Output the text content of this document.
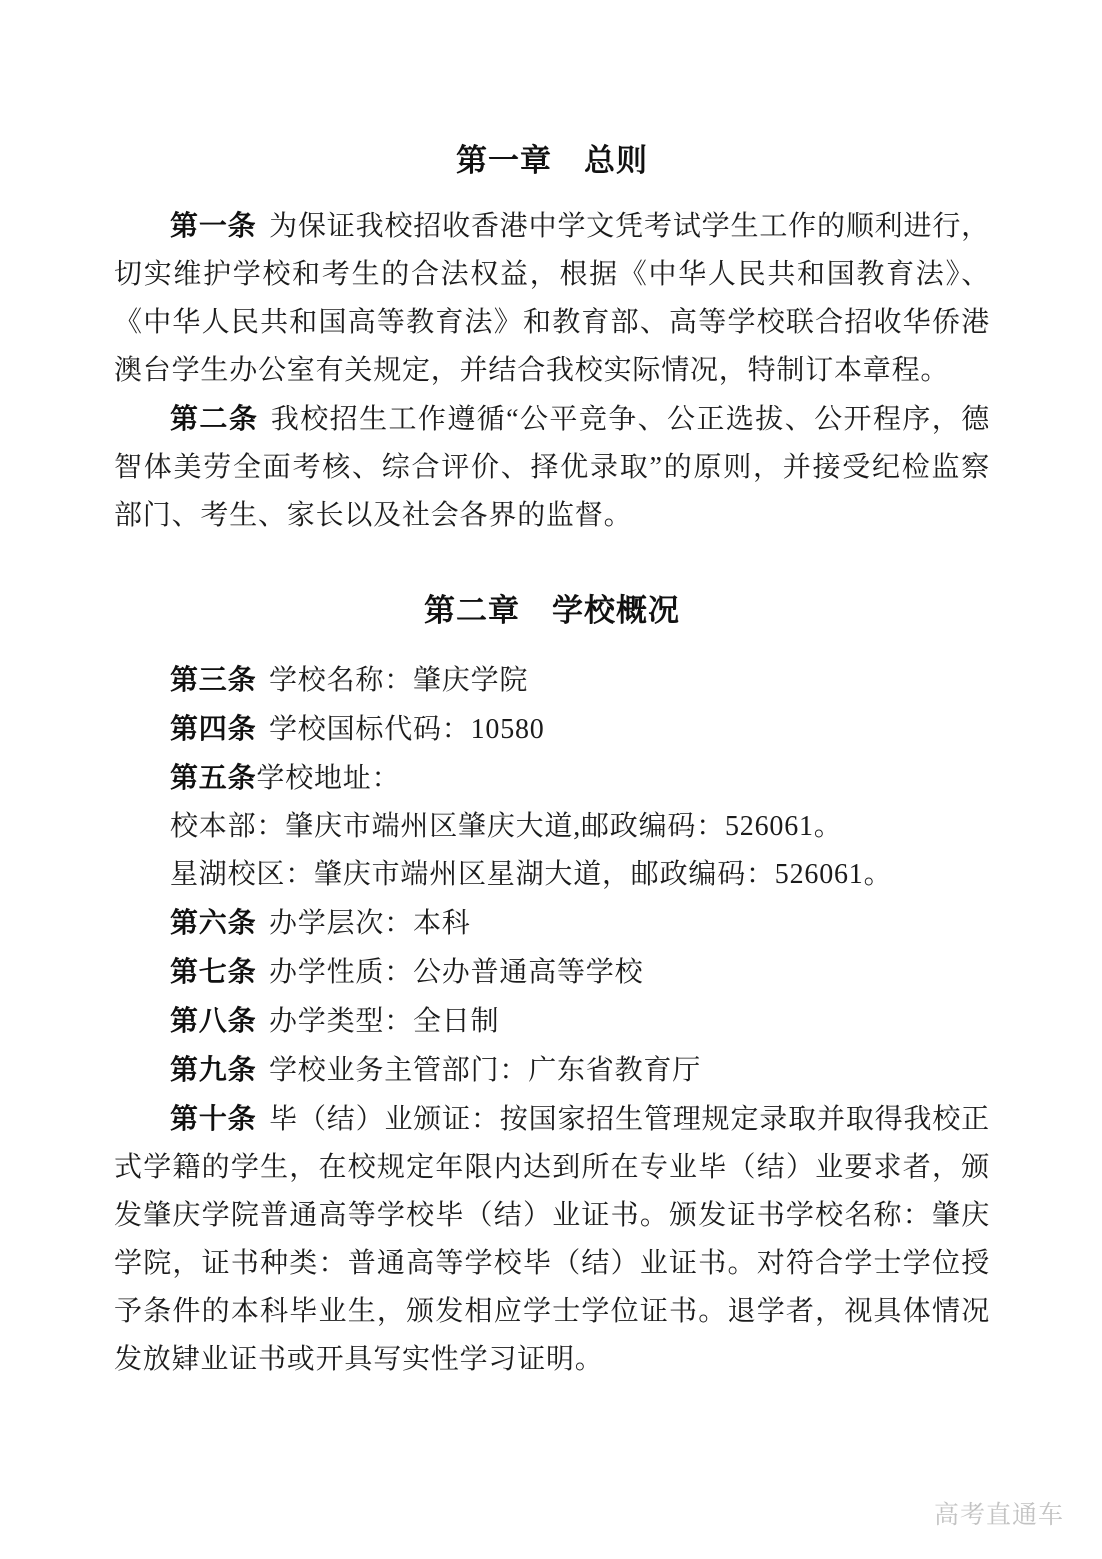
第一章　总则

第一条 为保证我校招收香港中学文凭考试学生工作的顺利进行，切实维护学校和考生的合法权益，根据《中华人民共和国教育法》、《中华人民共和国高等教育法》和教育部、高等学校联合招收华侨港澳台学生办公室有关规定，并结合我校实际情况，特制订本章程。

第二条 我校招生工作遵循“公平竞争、公正选拔、公开程序，德智体美劳全面考核、综合评价、择优录取”的原则，并接受纪检监察部门、考生、家长以及社会各界的监督。

第二章　学校概况

第三条 学校名称：肇庆学院

第四条 学校国标代码：10580

第五条学校地址：

校本部：肇庆市端州区肇庆大道,邮政编码：526061。

星湖校区：肇庆市端州区星湖大道，邮政编码：526061。

第六条 办学层次：本科

第七条 办学性质：公办普通高等学校

第八条 办学类型：全日制

第九条 学校业务主管部门：广东省教育厅

第十条 毕（结）业颁证：按国家招生管理规定录取并取得我校正式学籍的学生，在校规定年限内达到所在专业毕（结）业要求者，颁发肇庆学院普通高等学校毕（结）业证书。颁发证书学校名称：肇庆学院，证书种类：普通高等学校毕（结）业证书。对符合学士学位授予条件的本科毕业生，颁发相应学士学位证书。退学者，视具体情况发放肄业证书或开具写实性学习证明。

高考直通车
